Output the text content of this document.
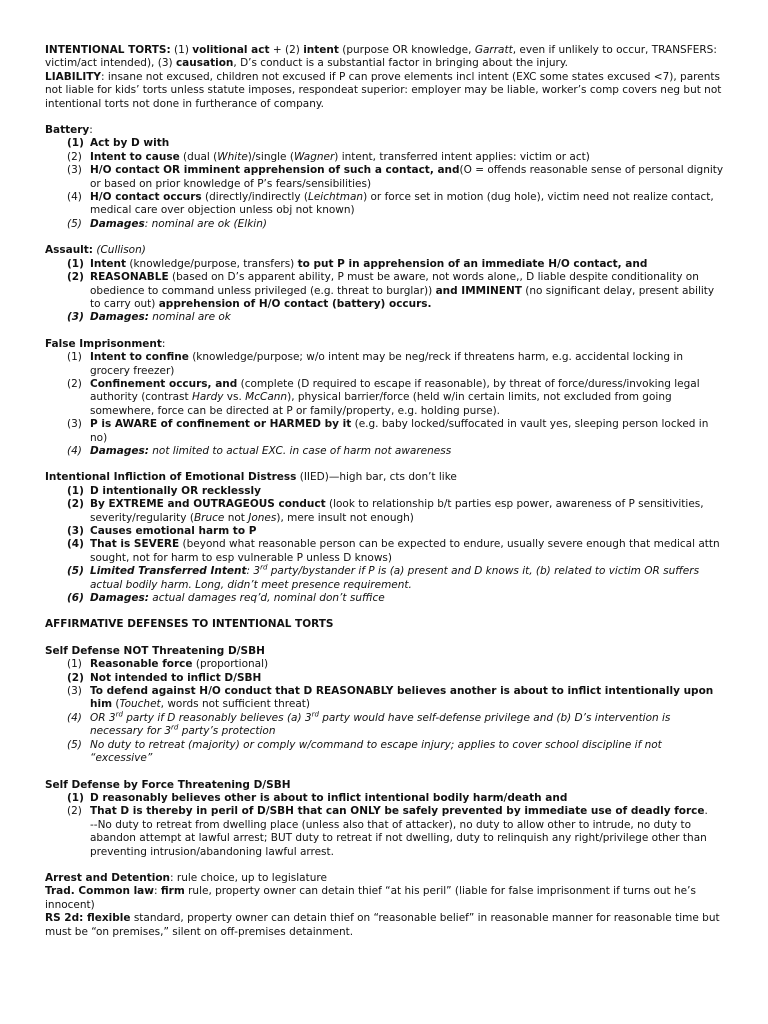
INTENTIONAL TORTS: (1) volitional act + (2) intent (purpose OR knowledge, Garratt, even if unlikely to occur, TRANSFERS: victim/act intended), (3) causation, D’s conduct is a substantial factor in bringing about the injury.

LIABILITY: insane not excused, children not excused if P can prove elements incl intent (EXC some states excused <7), parents not liable for kids’ torts unless statute imposes, respondeat superior: employer may be liable, worker’s comp covers neg but not intentional torts not done in furtherance of company.

Battery:

(1) Act by D with
(2) Intent to cause (dual (White)/single (Wagner) intent, transferred intent applies: victim or act)
(3) H/O contact OR imminent apprehension of such a contact, and(O = offends reasonable sense of personal dignity or based on prior knowledge of P’s fears/sensibilities)
(4) H/O contact occurs (directly/indirectly (Leichtman) or force set in motion (dug hole), victim need not realize contact, medical care over objection unless obj not known)
(5) Damages: nominal are ok (Elkin)

Assault: (Cullison)

(1) Intent (knowledge/purpose, transfers) to put P in apprehension of an immediate H/O contact, and
(2) REASONABLE (based on D’s apparent ability, P must be aware, not words alone,, D liable despite conditionality on obedience to command unless privileged (e.g. threat to burglar)) and IMMINENT (no significant delay, present ability to carry out) apprehension of H/O contact (battery) occurs.
(3) Damages: nominal are ok

False Imprisonment:

(1) Intent to confine (knowledge/purpose; w/o intent may be neg/reck if threatens harm, e.g. accidental locking in grocery freezer)
(2) Confinement occurs, and (complete (D required to escape if reasonable), by threat of force/duress/invoking legal authority (contrast Hardy vs. McCann), physical barrier/force (held w/in certain limits, not excluded from going somewhere, force can be directed at P or family/property, e.g. holding purse).
(3) P is AWARE of confinement or HARMED by it (e.g. baby locked/suffocated in vault yes, sleeping person locked in no)
(4) Damages: not limited to actual EXC. in case of harm not awareness

Intentional Infliction of Emotional Distress (IIED)—high bar, cts don’t like

(1) D intentionally OR recklessly
(2) By EXTREME and OUTRAGEOUS conduct (look to relationship b/t parties esp power, awareness of P sensitivities, severity/regularity (Bruce not Jones), mere insult not enough)
(3) Causes emotional harm to P
(4) That is SEVERE (beyond what reasonable person can be expected to endure, usually severe enough that medical attn sought, not for harm to esp vulnerable P unless D knows)
(5) Limited Transferred Intent: 3rd party/bystander if P is (a) present and D knows it, (b) related to victim OR suffers actual bodily harm. Long, didn’t meet presence requirement.
(6) Damages: actual damages req’d, nominal don’t suffice

AFFIRMATIVE DEFENSES TO INTENTIONAL TORTS

Self Defense NOT Threatening D/SBH

(1) Reasonable force (proportional)
(2) Not intended to inflict D/SBH
(3) To defend against H/O conduct that D REASONABLY believes another is about to inflict intentionally upon him (Touchet, words not sufficient threat)
(4) OR 3rd party if D reasonably believes (a) 3rd party would have self-defense privilege and (b) D’s intervention is necessary for 3rd party’s protection
(5) No duty to retreat (majority) or comply w/command to escape injury; applies to cover school discipline if not “excessive”

Self Defense by Force Threatening D/SBH

(1) D reasonably believes other is about to inflict intentional bodily harm/death and
(2) That D is thereby in peril of D/SBH that can ONLY be safely prevented by immediate use of deadly force.
--No duty to retreat from dwelling place (unless also that of attacker), no duty to allow other to intrude, no duty to abandon attempt at lawful arrest; BUT duty to retreat if not dwelling, duty to relinquish any right/privilege other than preventing intrusion/abandoning lawful arrest.

Arrest and Detention: rule choice, up to legislature

Trad. Common law: firm rule, property owner can detain thief “at his peril” (liable for false imprisonment if turns out he’s innocent)

RS 2d: flexible standard, property owner can detain thief on “reasonable belief” in reasonable manner for reasonable time but must be “on premises,” silent on off-premises detainment.
